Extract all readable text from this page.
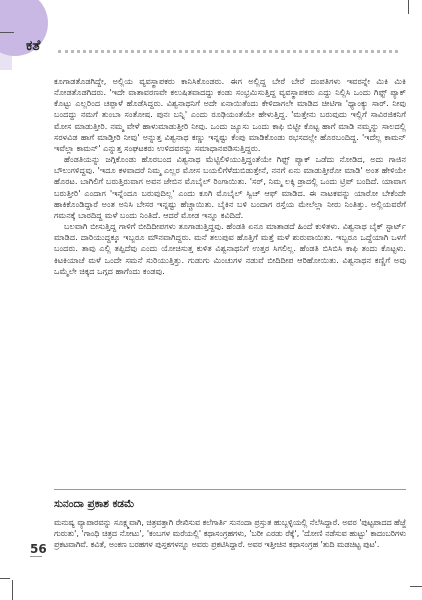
ಕತೆ

ಕೂಗಾಡತೊಡಗಿದ್ದೇ, ಅಲ್ಲಿಯ ವ್ಯವಸ್ಥಾಪಕರು ಕಾನಿಸಿಕೊಂಡರು. ಈಗ ಅಲ್ಲಿದ್ದ ಬೇರೆ ಬೇರೆ ದಂಪತಿಗಳು ಇವರನ್ನೇ ಮಿಕಿ ಮಿಕಿ ನೋಡತೊಡಗಿದರು. 'ಇದೇ ವಾತಾವರಣವೇ ಕಲುಷಿತವಾದದ್ದು ಕಂಡು ಸಂಭ್ರಮಿಸುತ್ತಿದ್ದ ವ್ಯವಸ್ಥಾಪಕರು ಎದ್ದು ನಿಲ್ಲಿಸಿ ಒಂದು ಗಿಫ್ಟ್ ಪ್ಯಾಕ್ ಕೊಟ್ಟು ಎಲ್ಲರಿಂದ ಚಪ್ಪಾಳೆ ಹೊಡೆಸಿದ್ದರು. ವಿಶ್ವನಾಥನಿಗೆ ಅದೇ ಏನಾಯಿತೆಂದು ಕೇಳಿದಾಗಲೇ ಮಾಡಿದ ಚೀಟಿಗಾ 'ಥ್ಯಾಂಕ್ಯು ಸಾರ್. ನೀವು ಬಂದದ್ದು ನಮಗೆ ತುಂಬಾ ಸಂತೋಷ. ಪುನಃ ಬನ್ನಿ' ಎಂದು ರೂಢಿಯಂತೆಯೇ ಹೇಳುತ್ತಿದ್ದ. 'ಮತ್ತೇನು ಬರುವುದು ಇಲ್ಲಿಗೆ ಸಾವಿರಜಿಕನಿಗೆ ಮೋಸ ಮಾಡುತ್ತೀರಿ. ನಮ್ಮ ವೇಳೆ ಹಾಳುಮಾಡುತ್ತೀರಿ ನೀವು. ಒಂದು ಜ್ಯೂಸು ಒಂದು ಕಾಫಿ ಬಿಟ್ಟೀ ಕೊಟ್ಟ ಹಾಗೆ ಮಾಡಿ ನಮ್ಮನ್ನು ಸಾಲದಲ್ಲಿ ಸರಳವಿಡ ಹಾಗೆ ಮಾಡ್ತೀರಿ ನೀವು' ಅನ್ನುತ್ತ ವಿಶ್ವನಾಥ ಕಣ್ಣು ಇನ್ನಷ್ಟು ಕೆಂಪು ಮಾಡಿಕೊಂಡು ರಭಸದಲ್ಲೇ ಹೊರಬಂದಿದ್ದ. 'ಇದೆಲ್ಲ ಕಾಮನ್ ಇವೆಲ್ಲಾ ಕಾಮನ್' ಎನ್ನುತ್ತ ಸಂಘಟಕರು ಉಳಿದವರನ್ನು ಸಮಾಧಾನಪಡಿಸುತ್ತಿದ್ದರು.

ಹೆಂಡತಿಯನ್ನು ಜಗ್ಗಿಕೊಂಡು ಹೊರಬಂದ ವಿಶ್ವನಾಥ ಮೆಟ್ಟಿಲಿಳಿಯುತ್ತಿದ್ದಂತೆಯೇ ಗಿಫ್ಟ್ ಪ್ಯಾಕ್ ಒಡೆದು ನೋಡಿದ, ಅದು ಗಾಜಿನ ಬೌಲುಗಳಿದ್ದವು. 'ಇದೂ ಕಳವಾದರೆ ನಿಮ್ಮ ಎಲ್ಲರ ಮೋಸ ಬಯಲಿಗೆಳೆದುಬಿಡುತ್ತೇನೆ, ನನಗೆ ಏನು ಮಾಡುತ್ತೀರೋ ಮಾಡಿ' ಅಂತ ಹೇಳಿಯೇ ಹೊರಟ. ಬಾಗಿಲಿಗೆ ಬರುತ್ತಿರುವಾಗ ಅವನ ಜೇಬಿನ ಮೊಬೈಲ್ ರಿಂಗಾಯಿತು. 'ಸರ್, ನಿಮ್ಮ ಲಕ್ಕಿ ಡ್ರಾದಲ್ಲಿ ಒಂದು ಟ್ರಿಪ್ ಬಂದಿದೆ. ಯಾವಾಗ ಬರುತ್ತೀರಿ' ಎಂದಾಗ 'ಇನ್ನೆಂದೂ ಬರುವುದಿಲ್ಲ' ಎಂದು ಕೂಗಿ ಮೊಬೈಲ್ ಸ್ವಿಚ್ ಆಫ್ ಮಾಡಿದ. ಈ ನಾಟಕವನ್ನು ಯಾರೋ ಬೇಕೆಂದೇ ಹಾಕಿಕೊಂಡಿದ್ದಾರೆ ಅಂತ ಅನಿಸಿ ಬೇಸರ ಇನ್ನಷ್ಟು ಹೆಚ್ಚಾಯಿತು. ಬೈಕಿನ ಬಳಿ ಬಂದಾಗ ರಸ್ತೆಯ ಮೇಲೆಲ್ಲಾ ನೀರು ನಿಂತಿತ್ತು. ಅಲ್ಲಿಯವರೆಗೆ ಗಮನಕ್ಕೆ ಬಾರದಿದ್ದ ಮಳೆ ಬಂದು ನಿಂತಿದೆ. ಆದರೆ ಮೋಡ ಇನ್ನೂ ಕವಿದಿದೆ.

ಬಲವಾಗಿ ಬೀಸುತ್ತಿದ್ದ ಗಾಳಿಗೆ ಬೀದಿದೀಪಗಳು ತೂಗಾಡುತ್ತಿದ್ದವು. ಹೆಂಡತಿ ಏನೂ ಮಾತಾಡದೆ ಹಿಂದೆ ಕುಳಿತಳು. ವಿಶ್ವನಾಥ ಬೈಕ್ ಸ್ಟಾರ್ಟ್ ಮಾಡಿದ. ದಾರಿಯುದ್ದಕ್ಕೂ ಇಬ್ಬರೂ ಮೌನವಾಗಿದ್ದರು. ಮನೆ ತಲುಪುವ ಹೊತ್ತಿಗೆ ಮತ್ತೆ ಮಳೆ ಶುರುವಾಯಿತು. ಇಬ್ಬರೂ ಒದ್ದೆಯಾಗಿ ಒಳಗೆ ಬಂದರು. ತಾವು ಎಲ್ಲಿ ತಪ್ಪಿದೆವು ಎಂದು ಯೋಚಿಸುತ್ತ ಕುಳಿತ ವಿಶ್ವನಾಥನಿಗೆ ಉತ್ತರ ಸಿಗಲಿಲ್ಲ. ಹೆಂಡತಿ ಬಿಸಿಬಿಸಿ ಕಾಫಿ ತಂದು ಕೊಟ್ಟಳು. ಕಿಟಕಿಯಾಚೆ ಮಳೆ ಒಂದೇ ಸಮನೆ ಸುರಿಯುತ್ತಿತ್ತು. ಗುಡುಗು ಮಿಂಚುಗಳ ನಡುವೆ ಬೀದಿದೀಪ ಆರಿಹೋಯಿತು. ವಿಶ್ವನಾಥನ ಕಣ್ಣಿಗೆ ಅವು ಒಮ್ಮೆಲೇ ಚಿಕ್ಕದ ಒಗ್ಗದ ಹಾಗೆಂದು ಕಂಡವು.

ಸುನಂದಾ ಪ್ರಕಾಶ ಕಡಮೆ
ಮನುಷ್ಯ ವ್ಯಾಪಾರವನ್ನು ಸೂಕ್ಷ್ಮವಾಗಿ, ಚಿತ್ರವತ್ತಾಗಿ ರೇಖಿಸುವ ಕಲೆಗಾರ್ತಿ ಸುನಂದಾ ಪ್ರಸ್ತುತ ಹುಬ್ಬಳ್ಳಿಯಲ್ಲಿ ನೆಲೆಸಿದ್ದಾರೆ. ಅವರ 'ಪುಟ್ಟಪಾದದ ಹೆಜ್ಜೆ ಗುರುತು', 'ಗಾಂಧಿ ಚಿತ್ರದ ನೋಟು', 'ಕಂಬಗಳ ಮರೆಯಲ್ಲಿ' ಕಥಾಸಂಗ್ರಹಗಳು, 'ಬರೀ ಎರಡು ರೆಕ್ಕೆ', 'ದೋಣಿ ನಡೆಸುವ ಹುಟ್ಟು' ಕಾದಂಬರಿಗಳು ಪ್ರಕಟವಾಗಿವೆ. ಕವಿತೆ, ಅಂಕಣ ಬರಹಗಳ ಪುಸ್ತಕಗಳನ್ನೂ ಅವರು ಪ್ರಕಟಿಸಿದ್ದಾರೆ. ಅವರ ಇತ್ತೀಚಿನ ಕಥಾಸಂಗ್ರಹ 'ತುದಿ ಮಡಚಿಟ್ಟ ಪುಟ'.
56
